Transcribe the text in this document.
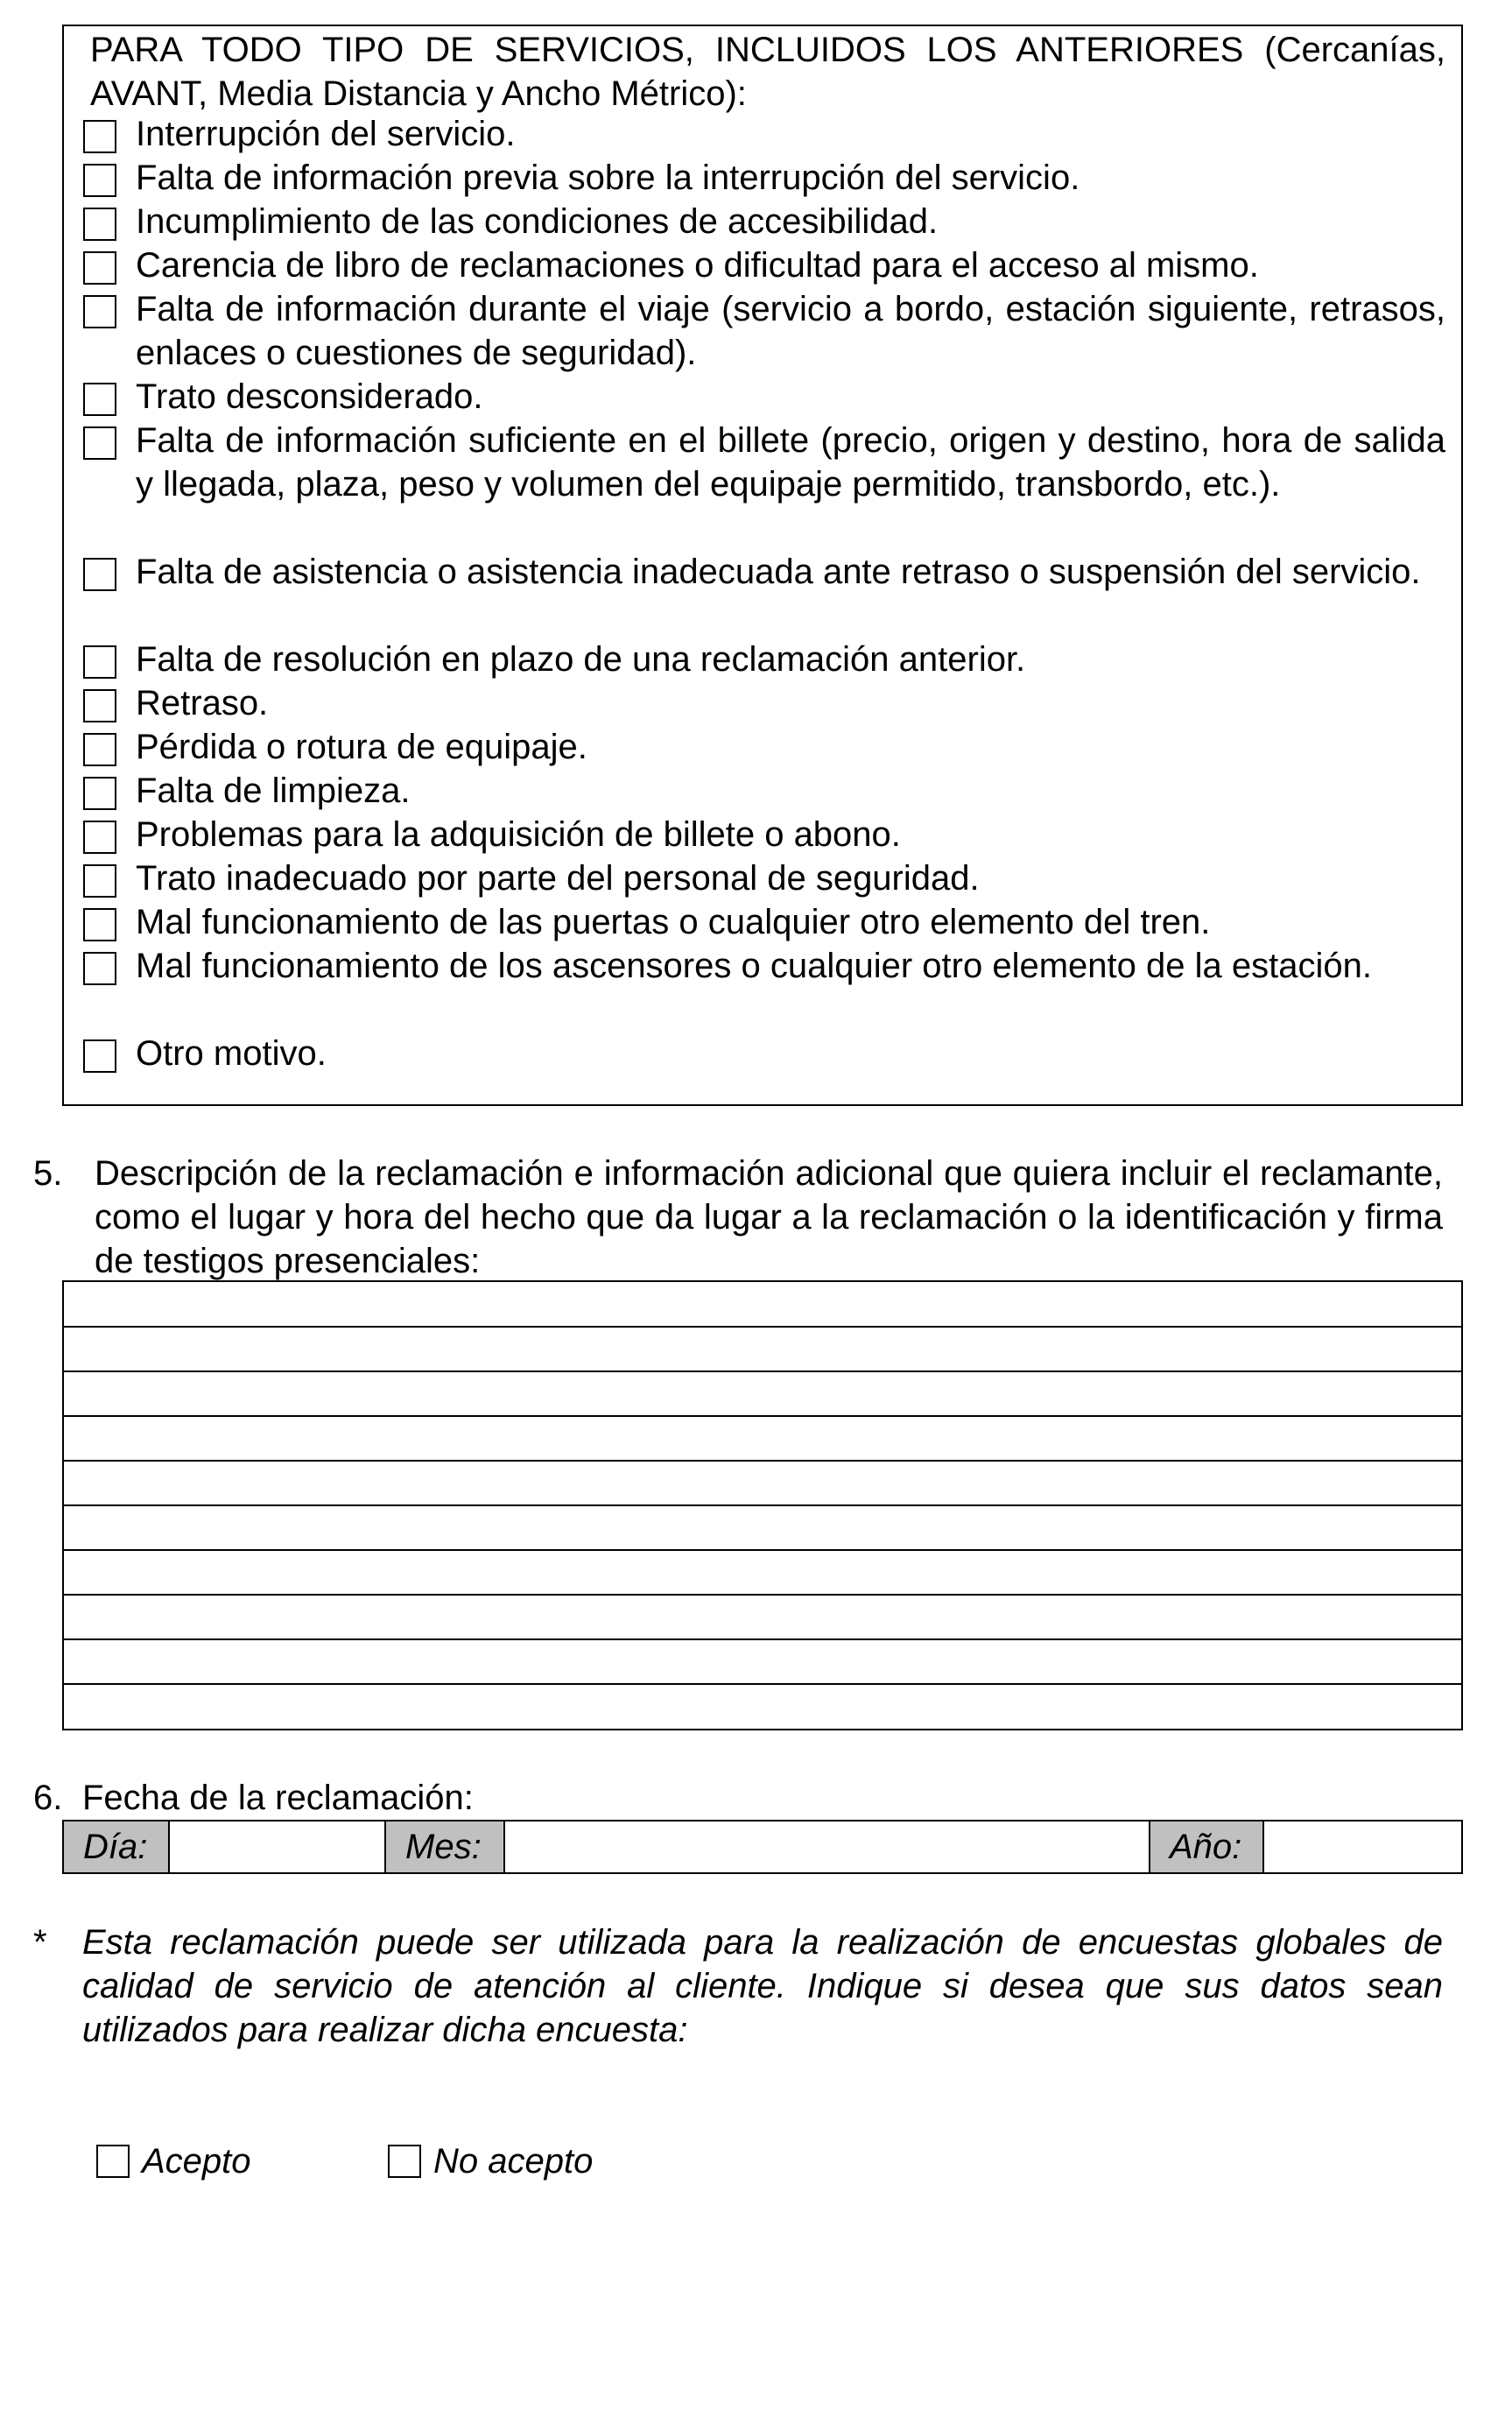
PARA TODO TIPO DE SERVICIOS, INCLUIDOS LOS ANTERIORES (Cercanías, AVANT, Media Distancia y Ancho Métrico):
Interrupción del servicio.
Falta de información previa sobre la interrupción del servicio.
Incumplimiento de las condiciones de accesibilidad.
Carencia de libro de reclamaciones o dificultad para el acceso al mismo.
Falta de información durante el viaje (servicio a bordo, estación siguiente, retrasos, enlaces o cuestiones de seguridad).
Trato desconsiderado.
Falta de información suficiente en el billete (precio, origen y destino, hora de salida y llegada, plaza, peso y volumen del equipaje permitido, transbordo, etc.).
Falta de asistencia o asistencia inadecuada ante retraso o suspensión del servicio.
Falta de resolución en plazo de una reclamación anterior.
Retraso.
Pérdida o rotura de equipaje.
Falta de limpieza.
Problemas para la adquisición de billete o abono.
Trato inadecuado por parte del personal de seguridad.
Mal funcionamiento de las puertas o cualquier otro elemento del tren.
Mal funcionamiento de los ascensores o cualquier otro elemento de la estación.
Otro motivo.
5. Descripción de la reclamación e información adicional que quiera incluir el reclamante, como el lugar y hora del hecho que da lugar a la reclamación o la identificación y firma de testigos presenciales:
6. Fecha de la reclamación:
Día:	Mes:	Año:
* Esta reclamación puede ser utilizada para la realización de encuestas globales de calidad de servicio de atención al cliente. Indique si desea que sus datos sean utilizados para realizar dicha encuesta:
Acepto	No acepto
